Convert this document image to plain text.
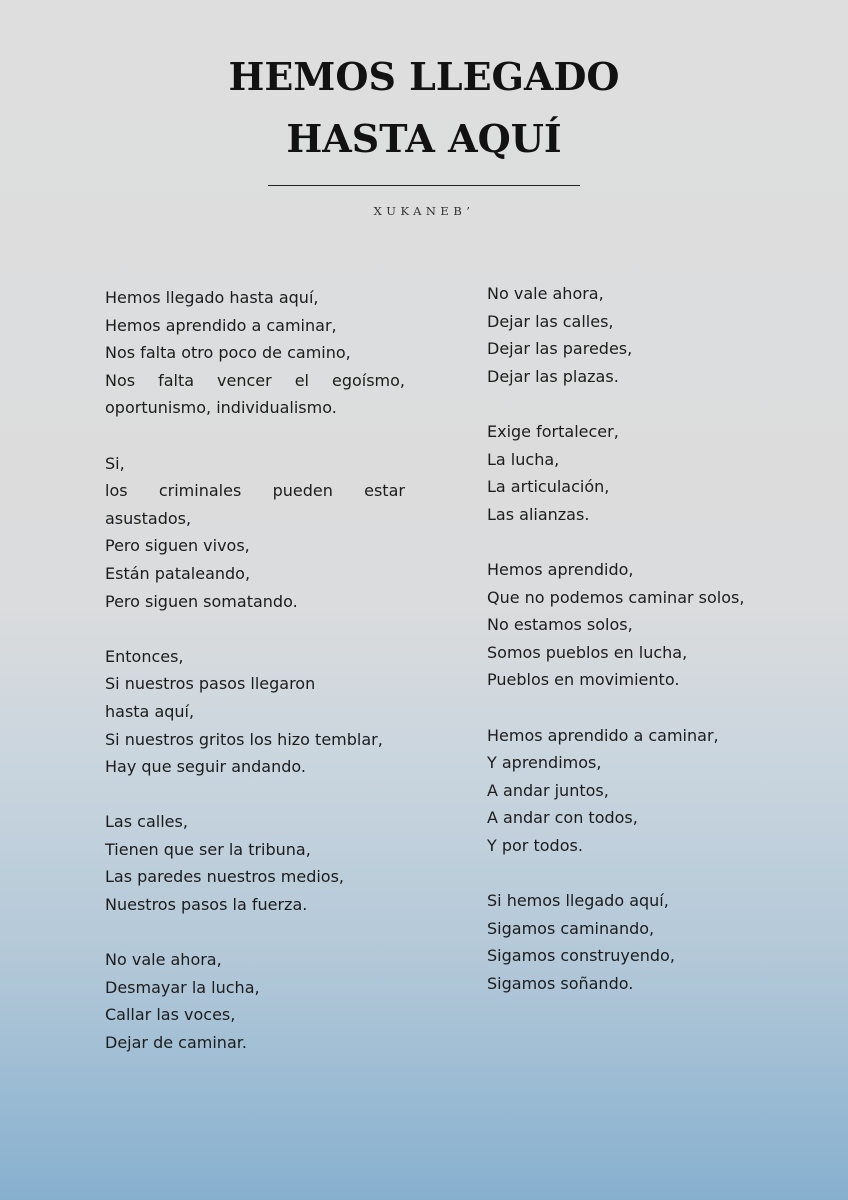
HEMOS LLEGADO
HASTA AQUÍ
XUKANEB’
Hemos llegado hasta aquí,
Hemos aprendido a caminar,
Nos falta otro poco de camino,
Nos falta vencer el egoísmo,
oportunismo, individualismo.
Si,
los criminales pueden estar
asustados,
Pero siguen vivos,
Están pataleando,
Pero siguen somatando.
Entonces,
Si nuestros pasos llegaron
hasta aquí,
Si nuestros gritos los hizo temblar,
Hay que seguir andando.
Las calles,
Tienen que ser la tribuna,
Las paredes nuestros medios,
Nuestros pasos la fuerza.
No vale ahora,
Desmayar la lucha,
Callar las voces,
Dejar de caminar.
No vale ahora,
Dejar las calles,
Dejar las paredes,
Dejar las plazas.
Exige fortalecer,
La lucha,
La articulación,
Las alianzas.
Hemos aprendido,
Que no podemos caminar solos,
No estamos solos,
Somos pueblos en lucha,
Pueblos en movimiento.
Hemos aprendido a caminar,
Y aprendimos,
A andar juntos,
A andar con todos,
Y por todos.
Si hemos llegado aquí,
Sigamos caminando,
Sigamos construyendo,
Sigamos soñando.
